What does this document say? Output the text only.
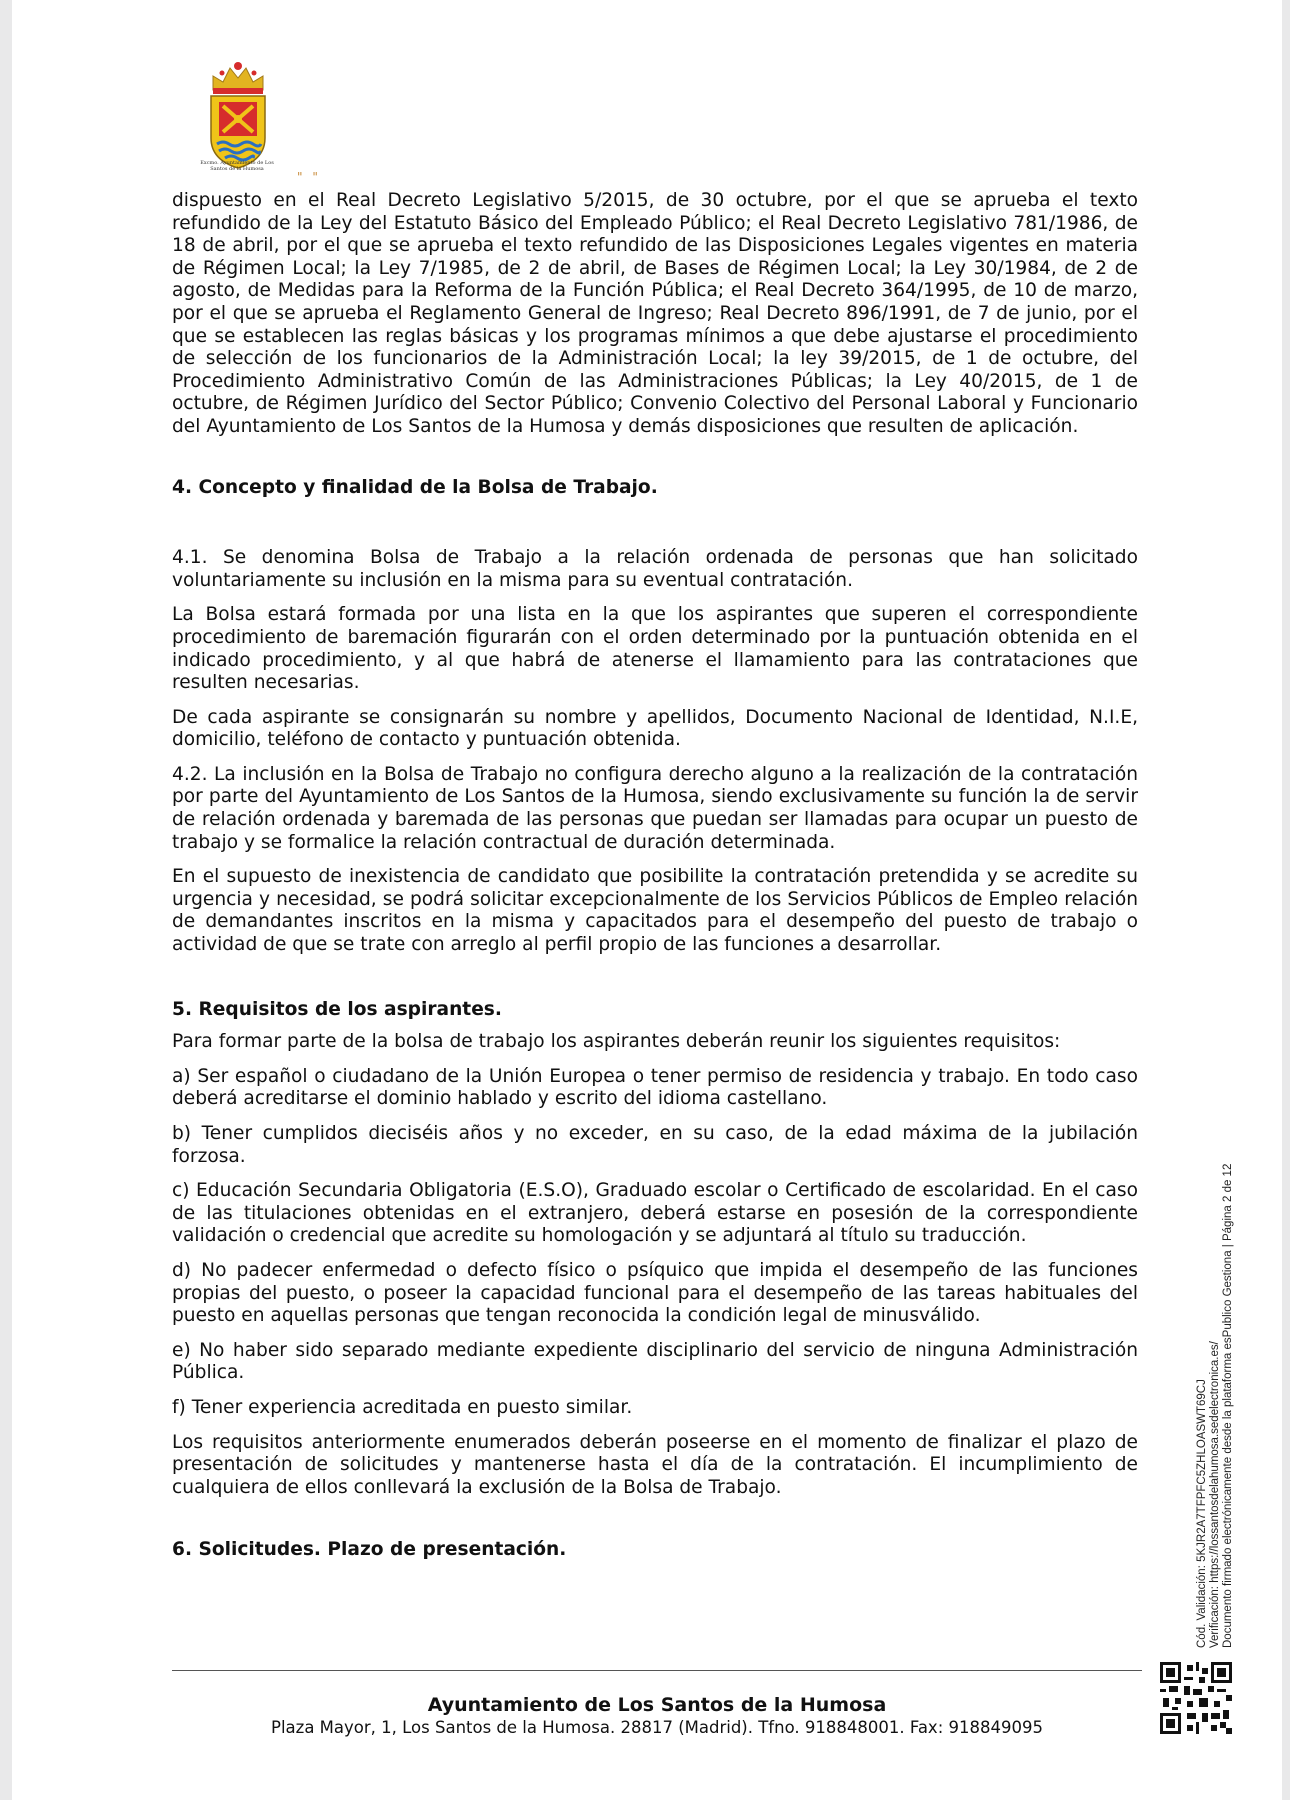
Excmo. Ayuntamiento de Los Santos de la Humosa
" "

dispuesto en el Real Decreto Legislativo 5/2015, de 30 octubre, por el que se aprueba el texto refundido de la Ley del Estatuto Básico del Empleado Público; el Real Decreto Legislativo 781/1986, de 18 de abril, por el que se aprueba el texto refundido de las Disposiciones Legales vigentes en materia de Régimen Local; la Ley 7/1985, de 2 de abril, de Bases de Régimen Local; la Ley 30/1984, de 2 de agosto, de Medidas para la Reforma de la Función Pública; el Real Decreto 364/1995, de 10 de marzo, por el que se aprueba el Reglamento General de Ingreso; Real Decreto 896/1991, de 7 de junio, por el que se establecen las reglas básicas y los programas mínimos a que debe ajustarse el procedimiento de selección de los funcionarios de la Administración Local; la ley 39/2015, de 1 de octubre, del Procedimiento Administrativo Común de las Administraciones Públicas; la Ley 40/2015, de 1 de octubre, de Régimen Jurídico del Sector Público; Convenio Colectivo del Personal Laboral y Funcionario del Ayuntamiento de Los Santos de la Humosa y demás disposiciones que resulten de aplicación.

4. Concepto y finalidad de la Bolsa de Trabajo.

4.1. Se denomina Bolsa de Trabajo a la relación ordenada de personas que han solicitado voluntariamente su inclusión en la misma para su eventual contratación.

La Bolsa estará formada por una lista en la que los aspirantes que superen el correspondiente procedimiento de baremación figurarán con el orden determinado por la puntuación obtenida en el indicado procedimiento, y al que habrá de atenerse el llamamiento para las contrataciones que resulten necesarias.

De cada aspirante se consignarán su nombre y apellidos, Documento Nacional de Identidad, N.I.E, domicilio, teléfono de contacto y puntuación obtenida.

4.2. La inclusión en la Bolsa de Trabajo no configura derecho alguno a la realización de la contratación por parte del Ayuntamiento de Los Santos de la Humosa, siendo exclusivamente su función la de servir de relación ordenada y baremada de las personas que puedan ser llamadas para ocupar un puesto de trabajo y se formalice la relación contractual de duración determinada.

En el supuesto de inexistencia de candidato que posibilite la contratación pretendida y se acredite su urgencia y necesidad, se podrá solicitar excepcionalmente de los Servicios Públicos de Empleo relación de demandantes inscritos en la misma y capacitados para el desempeño del puesto de trabajo o actividad de que se trate con arreglo al perfil propio de las funciones a desarrollar.

5. Requisitos de los aspirantes.

Para formar parte de la bolsa de trabajo los aspirantes deberán reunir los siguientes requisitos:

a) Ser español o ciudadano de la Unión Europea o tener permiso de residencia y trabajo. En todo caso deberá acreditarse el dominio hablado y escrito del idioma castellano.

b) Tener cumplidos dieciséis años y no exceder, en su caso, de la edad máxima de la jubilación forzosa.

c) Educación Secundaria Obligatoria (E.S.O), Graduado escolar o Certificado de escolaridad. En el caso de las titulaciones obtenidas en el extranjero, deberá estarse en posesión de la correspondiente validación o credencial que acredite su homologación y se adjuntará al título su traducción.

d) No padecer enfermedad o defecto físico o psíquico que impida el desempeño de las funciones propias del puesto, o poseer la capacidad funcional para el desempeño de las tareas habituales del puesto en aquellas personas que tengan reconocida la condición legal de minusválido.

e) No haber sido separado mediante expediente disciplinario del servicio de ninguna Administración Pública.

f) Tener experiencia acreditada en puesto similar.

Los requisitos anteriormente enumerados deberán poseerse en el momento de finalizar el plazo de presentación de solicitudes y mantenerse hasta el día de la contratación. El incumplimiento de cualquiera de ellos conllevará la exclusión de la Bolsa de Trabajo.

6. Solicitudes. Plazo de presentación.	Cód. Validación: 5KJR2A7TFPFC5ZHLOASWT69CJ Verificación: https://lossantosdelahumosa.sedelectronica.es/ Documento firmado electrónicamente desde la plataforma esPublico Gestiona | Página 2 de 12
Ayuntamiento de Los Santos de la Humosa
Plaza Mayor, 1, Los Santos de la Humosa. 28817 (Madrid). Tfno. 918848001. Fax: 918849095
